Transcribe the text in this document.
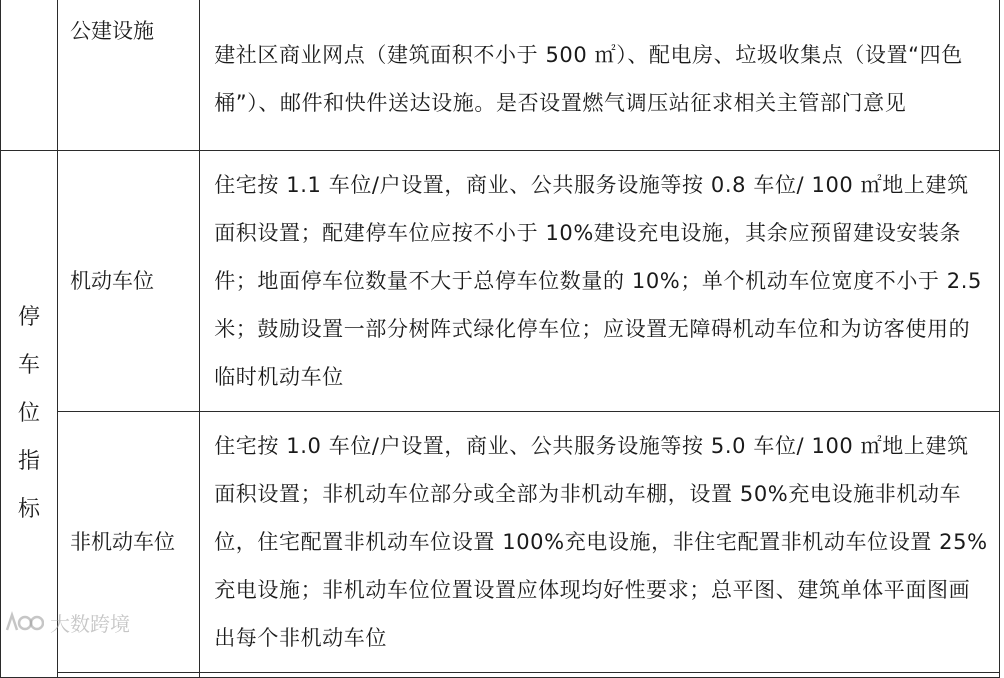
	公建设施	建社区商业网点（建筑面积不小于 500 ㎡）、配电房、垃圾收集点（设置“四色桶”）、邮件和快件送达设施。是否设置燃气调压站征求相关主管部门意见
停车位指标	机动车位	住宅按 1.1 车位/户设置，商业、公共服务设施等按 0.8 车位/ 100 ㎡地上建筑面积设置；配建停车位应按不小于 10%建设充电设施，其余应预留建设安装条件；地面停车位数量不大于总停车位数量的 10%；单个机动车位宽度不小于 2.5 米；鼓励设置一部分树阵式绿化停车位；应设置无障碍机动车位和为访客使用的临时机动车位
	非机动车位	住宅按 1.0 车位/户设置，商业、公共服务设施等按 5.0 车位/ 100 ㎡地上建筑面积设置；非机动车位部分或全部为非机动车棚，设置 50%充电设施非机动车位，住宅配置非机动车位设置 100%充电设施，非住宅配置非机动车位设置 25%充电设施；非机动车位位置设置应体现均好性要求；总平图、建筑单体平面图画出每个非机动车位

大数跨境
